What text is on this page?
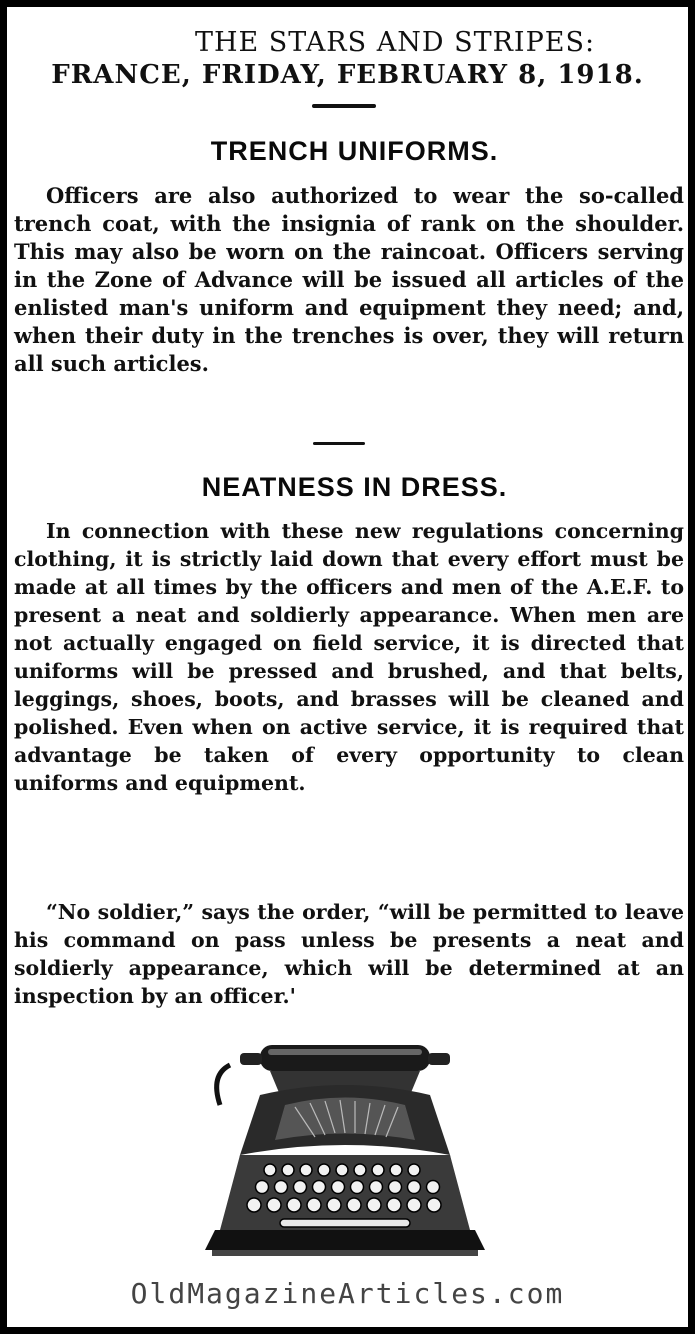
THE STARS AND STRIPES:
FRANCE, FRIDAY, FEBRUARY 8, 1918.
TRENCH UNIFORMS.
Officers are also authorized to wear the so-called trench coat, with the insignia of rank on the shoulder. This may also be worn on the raincoat. Officers serving in the Zone of Advance will be issued all articles of the enlisted man's uniform and equipment they need; and, when their duty in the trenches is over, they will return all such articles.
NEATNESS IN DRESS.
In connection with these new regulations concerning clothing, it is strictly laid down that every effort must be made at all times by the officers and men of the A.E.F. to present a neat and soldierly appearance. When men are not actually engaged on field service, it is directed that uniforms will be pressed and brushed, and that belts, leggings, shoes, boots, and brasses will be cleaned and polished. Even when on active service, it is required that advantage be taken of every opportunity to clean uniforms and equipment.
“No soldier,” says the order, “will be permitted to leave his command on pass unless be presents a neat and soldierly appearance, which will be determined at an inspection by an officer.'
OldMagazineArticles.com
